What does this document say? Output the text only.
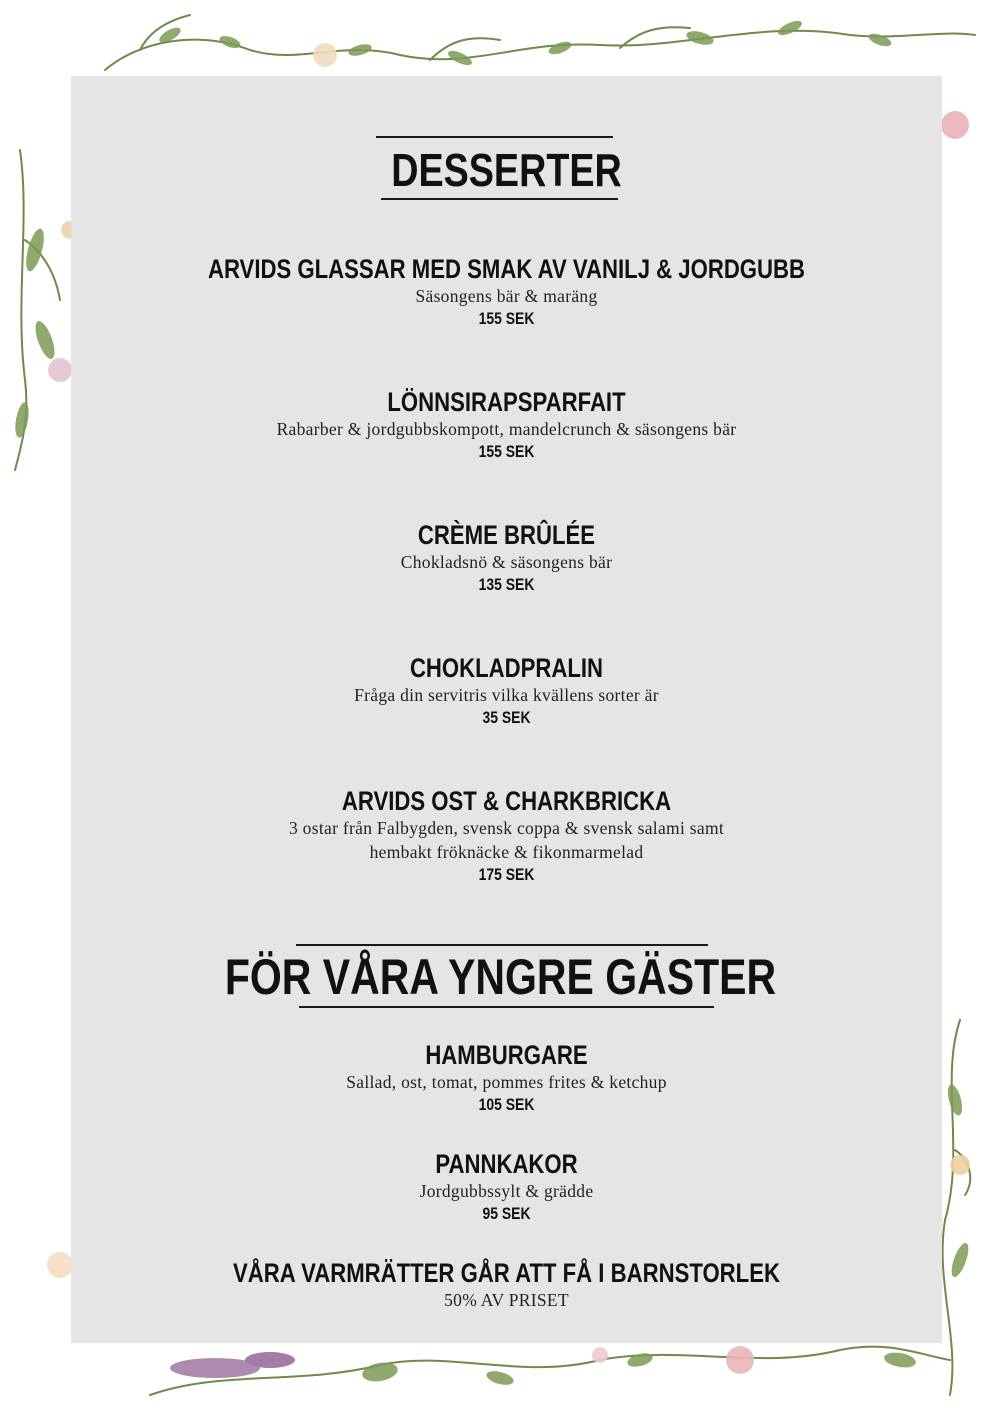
DESSERTER
ARVIDS GLASSAR MED SMAK AV VANILJ & JORDGUBB
Säsongens bär & maräng
155 SEK
LÖNNSIRAPSPARFAIT
Rabarber & jordgubbskompott, mandelcrunch & säsongens bär
155 SEK
CRÈME BRÛLÉE
Chokladsnö & säsongens bär
135 SEK
CHOKLADPRALIN
Fråga din servitris vilka kvällens sorter är
35 SEK
ARVIDS OST & CHARKBRICKA
3 ostar från Falbygden, svensk coppa & svensk salami samt
hembakt fröknäcke & fikonmarmelad
175 SEK
FÖR VÅRA YNGRE GÄSTER
HAMBURGARE
Sallad, ost, tomat, pommes frites & ketchup
105 SEK
PANNKAKOR
Jordgubbssylt & grädde
95 SEK
VÅRA VARMRÄTTER GÅR ATT FÅ I BARNSTORLEK
50% AV PRISET
